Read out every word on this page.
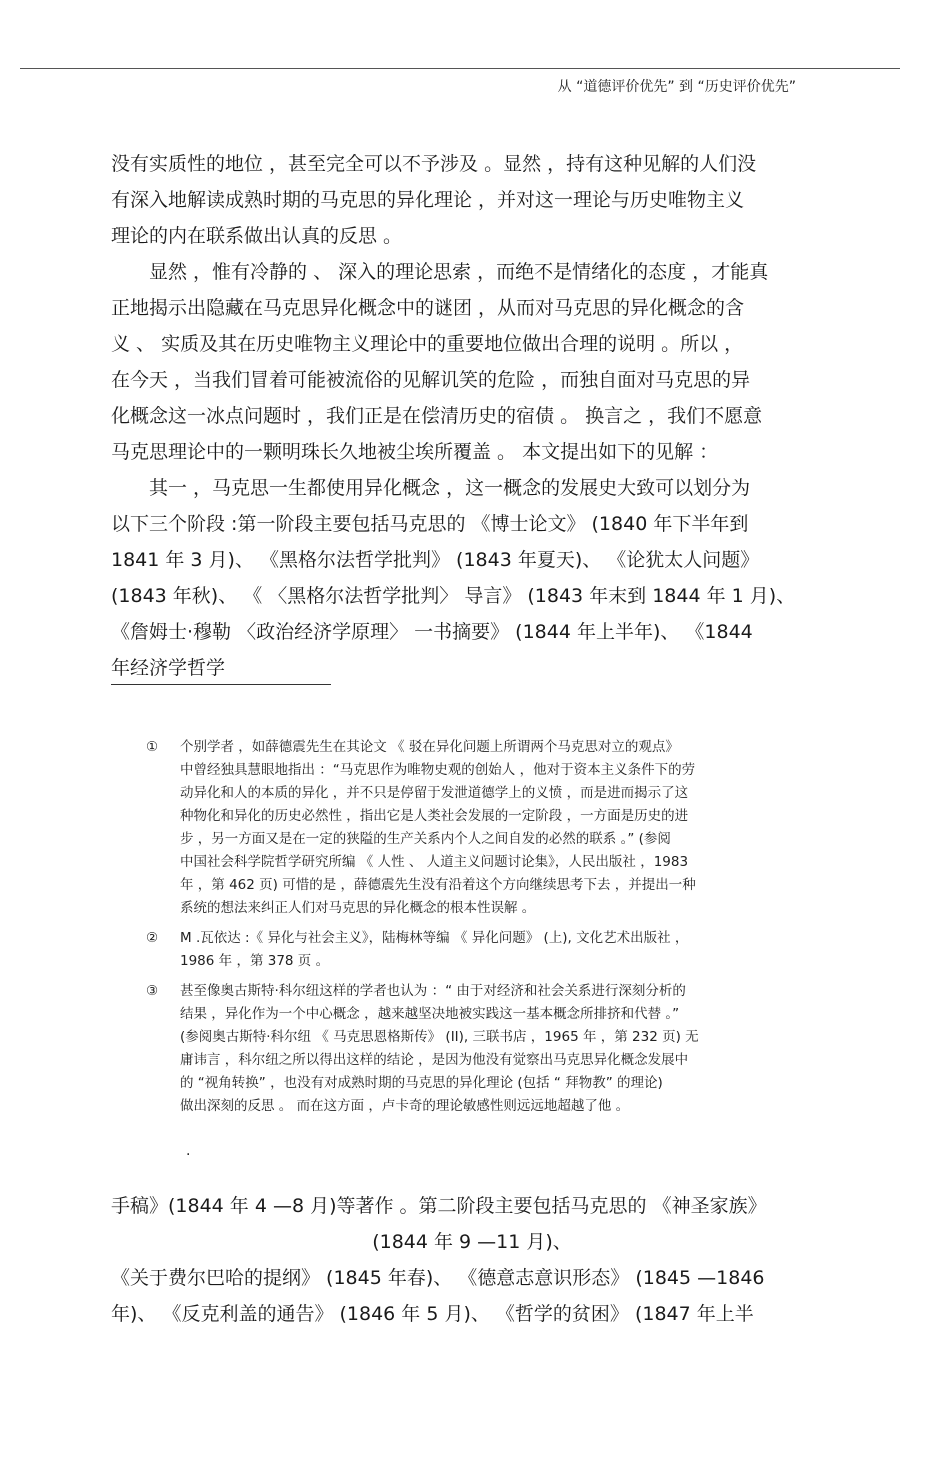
从 “道德评价优先” 到 “历史评价优先”

没有实质性的地位 ，甚至完全可以不予涉及 。显然 ，持有这种见解的人们没

有深入地解读成熟时期的马克思的异化理论 ，并对这一理论与历史唯物主义

理论的内在联系做出认真的反思 。

显然 ，惟有冷静的 、 深入的理论思索 ，而绝不是情绪化的态度 ，才能真

正地揭示出隐藏在马克思异化概念中的谜团 ，从而对马克思的异化概念的含

义 、 实质及其在历史唯物主义理论中的重要地位做出合理的说明 。所以 ，

在今天 ，当我们冒着可能被流俗的见解讥笑的危险 ，而独自面对马克思的异

化概念这一冰点问题时 ，我们正是在偿清历史的宿债 。 换言之 ，我们不愿意

马克思理论中的一颗明珠长久地被尘埃所覆盖 。 本文提出如下的见解 ：

其一 ，马克思一生都使用异化概念 ，这一概念的发展史大致可以划分为

以下三个阶段 :第一阶段主要包括马克思的 《博士论文》 (1840 年下半年到

1841 年 3 月)、 《黑格尔法哲学批判》 (1843 年夏天)、 《论犹太人问题》

(1843 年秋)、 《 〈黑格尔法哲学批判〉 导言》 (1843 年末到 1844 年 1 月)、

《詹姆士·穆勒 〈政治经济学原理〉 一书摘要》 (1844 年上半年)、 《1844

年经济学哲学

①	个别学者 ，如薛德震先生在其论文 《 驳在异化问题上所谓两个马克思对立的观点》
中曾经独具慧眼地指出 ：“马克思作为唯物史观的创始人 ，他对于资本主义条件下的劳
动异化和人的本质的异化 ，并不只是停留于发泄道德学上的义愤 ，而是进而揭示了这
种物化和异化的历史必然性 ，指出它是人类社会发展的一定阶段 ，一方面是历史的进
步 ，另一方面又是在一定的狭隘的生产关系内个人之间自发的必然的联系 。” (参阅
中国社会科学院哲学研究所编 《 人性 、 人道主义问题讨论集》，人民出版社 ，1983
年 ，第 462 页) 可惜的是 ，薛德震先生没有沿着这个方向继续思考下去 ，并提出一种
系统的想法来纠正人们对马克思的异化概念的根本性误解 。
②	M .瓦依达 :《 异化与社会主义》，陆梅林等编 《 异化问题》 (上), 文化艺术出版社 ，
1986 年 ，第 378 页 。
③	甚至像奥古斯特·科尔纽这样的学者也认为 ：“ 由于对经济和社会关系进行深刻分析的
结果 ，异化作为一个中心概念 ，越来越坚决地被实践这一基本概念所排挤和代替 。”
(参阅奥古斯特·科尔纽 《 马克思恩格斯传》 (II), 三联书店 ，1965 年 ，第 232 页) 无
庸讳言 ，科尔纽之所以得出这样的结论 ，是因为他没有觉察出马克思异化概念发展中
的 “视角转换” ，也没有对成熟时期的马克思的异化理论 (包括 “ 拜物教” 的理论)
做出深刻的反思 。 而在这方面 ，卢卡奇的理论敏感性则远远地超越了他 。
.

手稿》(1844 年 4 —8 月)等著作 。第二阶段主要包括马克思的 《神圣家族》

(1844 年 9 —11 月)、

《关于费尔巴哈的提纲》 (1845 年春)、 《德意志意识形态》 (1845 —1846

年)、 《反克利盖的通告》 (1846 年 5 月)、 《哲学的贫困》 (1847 年上半
